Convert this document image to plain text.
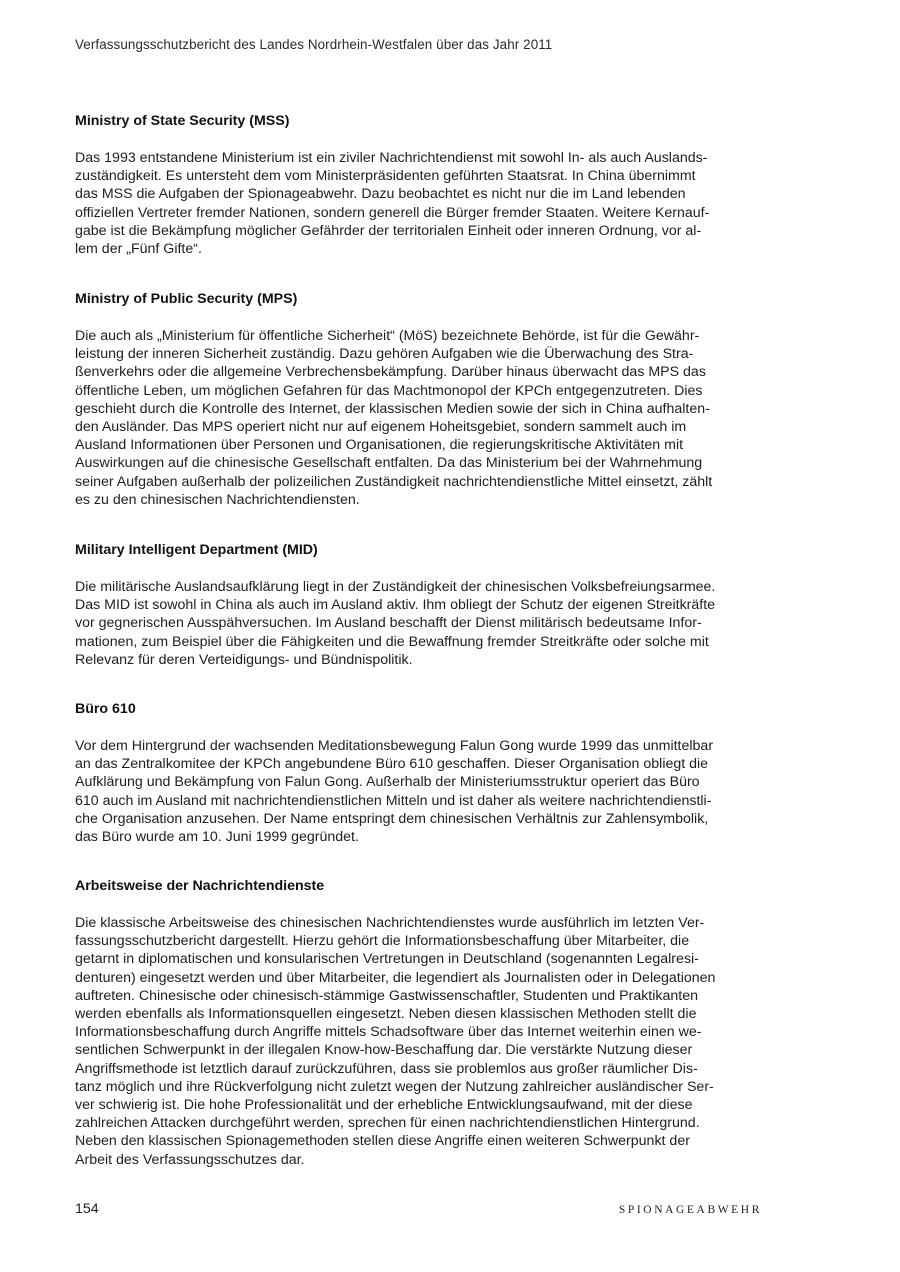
Verfassungsschutzbericht des Landes Nordrhein-Westfalen über das Jahr 2011
Ministry of State Security (MSS)
Das 1993 entstandene Ministerium ist ein ziviler Nachrichtendienst mit sowohl In- als auch Auslands-
zuständigkeit. Es untersteht dem vom Ministerpräsidenten geführten Staatsrat. In China übernimmt
das MSS die Aufgaben der Spionageabwehr. Dazu beobachtet es nicht nur die im Land lebenden
offiziellen Vertreter fremder Nationen, sondern generell die Bürger fremder Staaten. Weitere Kernauf-
gabe ist die Bekämpfung möglicher Gefährder der territorialen Einheit oder inneren Ordnung, vor al-
lem der „Fünf Gifte“.
Ministry of Public Security (MPS)
Die auch als „Ministerium für öffentliche Sicherheit“ (MöS) bezeichnete Behörde, ist für die Gewähr-
leistung der inneren Sicherheit zuständig. Dazu gehören Aufgaben wie die Überwachung des Stra-
ßenverkehrs oder die allgemeine Verbrechensbekämpfung. Darüber hinaus überwacht das MPS das
öffentliche Leben, um möglichen Gefahren für das Machtmonopol der KPCh entgegenzutreten. Dies
geschieht durch die Kontrolle des Internet, der klassischen Medien sowie der sich in China aufhalten-
den Ausländer. Das MPS operiert nicht nur auf eigenem Hoheitsgebiet, sondern sammelt auch im
Ausland Informationen über Personen und Organisationen, die regierungskritische Aktivitäten mit
Auswirkungen auf die chinesische Gesellschaft entfalten. Da das Ministerium bei der Wahrnehmung
seiner Aufgaben außerhalb der polizeilichen Zuständigkeit nachrichtendienstliche Mittel einsetzt, zählt
es zu den chinesischen Nachrichtendiensten.
Military Intelligent Department (MID)
Die militärische Auslandsaufklärung liegt in der Zuständigkeit der chinesischen Volksbefreiungsarmee.
Das MID ist sowohl in China als auch im Ausland aktiv. Ihm obliegt der Schutz der eigenen Streitkräfte
vor gegnerischen Ausspähversuchen. Im Ausland beschafft der Dienst militärisch bedeutsame Infor-
mationen, zum Beispiel über die Fähigkeiten und die Bewaffnung fremder Streitkräfte oder solche mit
Relevanz für deren Verteidigungs- und Bündnispolitik.
Büro 610
Vor dem Hintergrund der wachsenden Meditationsbewegung Falun Gong wurde 1999 das unmittelbar
an das Zentralkomitee der KPCh angebundene Büro 610 geschaffen. Dieser Organisation obliegt die
Aufklärung und Bekämpfung von Falun Gong. Außerhalb der Ministeriumsstruktur operiert das Büro
610 auch im Ausland mit nachrichtendienstlichen Mitteln und ist daher als weitere nachrichtendienstli-
che Organisation anzusehen. Der Name entspringt dem chinesischen Verhältnis zur Zahlensymbolik,
das Büro wurde am 10. Juni 1999 gegründet.
Arbeitsweise der Nachrichtendienste
Die klassische Arbeitsweise des chinesischen Nachrichtendienstes wurde ausführlich im letzten Ver-
fassungsschutzbericht dargestellt. Hierzu gehört die Informationsbeschaffung über Mitarbeiter, die
getarnt in diplomatischen und konsularischen Vertretungen in Deutschland (sogenannten Legalresi-
denturen) eingesetzt werden und über Mitarbeiter, die legendiert als Journalisten oder in Delegationen
auftreten. Chinesische oder chinesisch-stämmige Gastwissenschaftler, Studenten und Praktikanten
werden ebenfalls als Informationsquellen eingesetzt. Neben diesen klassischen Methoden stellt die
Informationsbeschaffung durch Angriffe mittels Schadsoftware über das Internet weiterhin einen we-
sentlichen Schwerpunkt in der illegalen Know-how-Beschaffung dar. Die verstärkte Nutzung dieser
Angriffsmethode ist letztlich darauf zurückzuführen, dass sie problemlos aus großer räumlicher Dis-
tanz möglich und ihre Rückverfolgung nicht zuletzt wegen der Nutzung zahlreicher ausländischer Ser-
ver schwierig ist. Die hohe Professionalität und der erhebliche Entwicklungsaufwand, mit der diese
zahlreichen Attacken durchgeführt werden, sprechen für einen nachrichtendienstlichen Hintergrund.
Neben den klassischen Spionagemethoden stellen diese Angriffe einen weiteren Schwerpunkt der
Arbeit des Verfassungsschutzes dar.
154	SPIONAGEABWEHR
